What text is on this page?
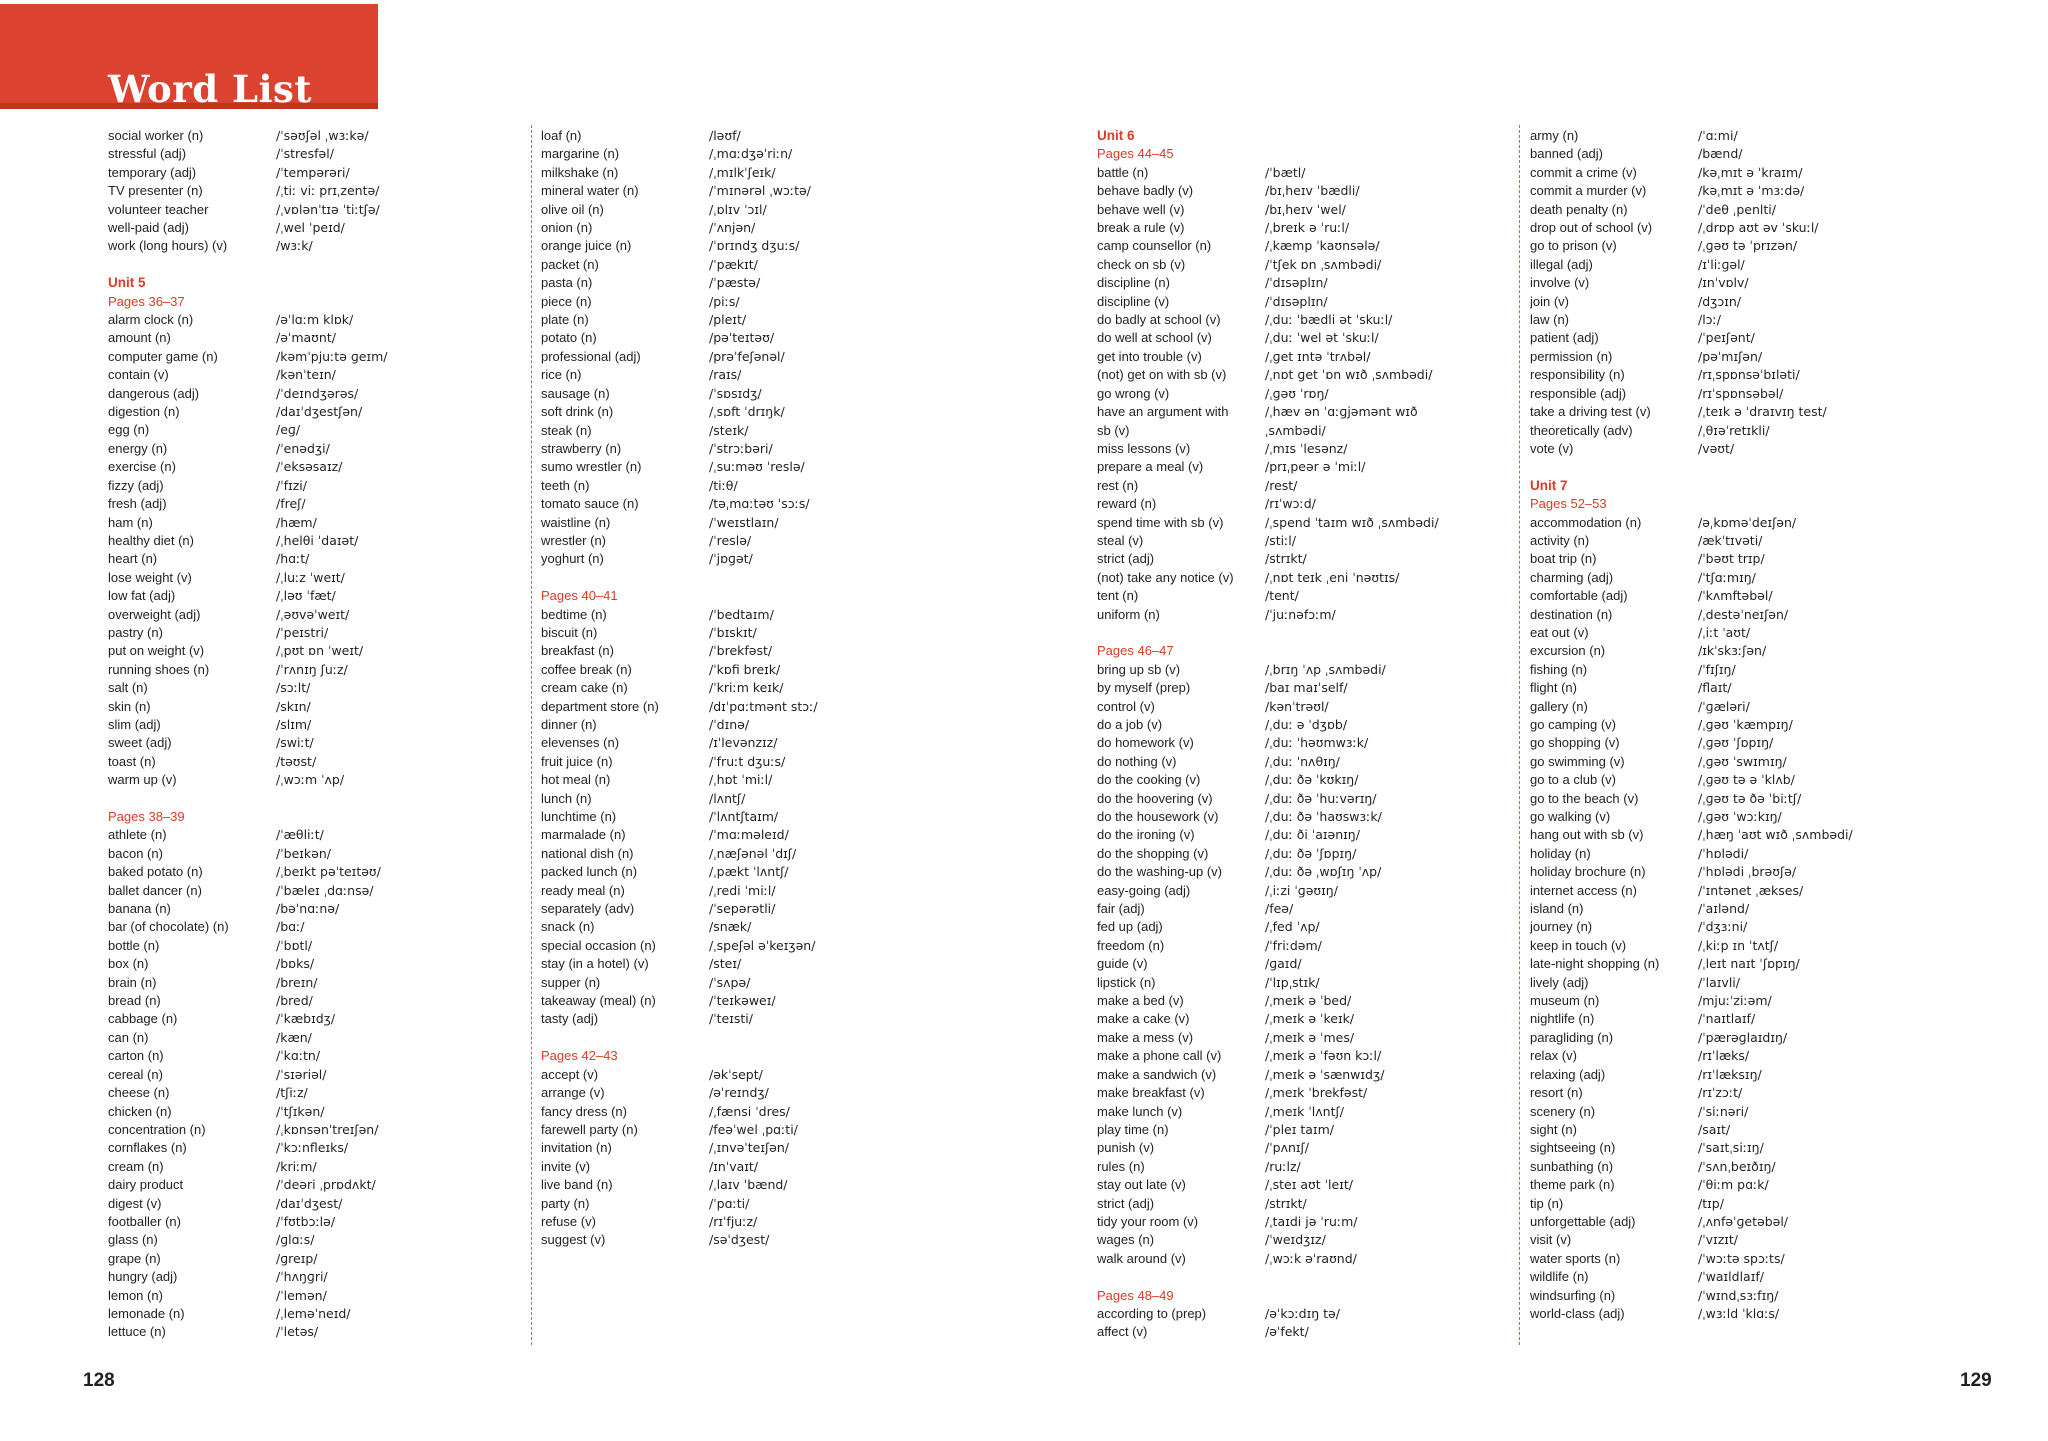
Word List
social worker (n)	/ˈsəʊʃəl ˌwɜːkə/
stressful (adj)	/ˈstresfəl/
temporary (adj)	/ˈtempərəri/
TV presenter (n)	/ˌtiː viː prɪˌzentə/
volunteer teacher	/ˌvɒlənˈtɪə ˈtiːtʃə/
well-paid (adj)	/ˌwel ˈpeɪd/
work (long hours) (v)	/wɜːk/
Unit 5
Pages 36–37
alarm clock (n)	/əˈlɑːm klɒk/
amount (n)	/əˈmaʊnt/
computer game (n)	/kəmˈpjuːtə ɡeɪm/
contain (v)	/kənˈteɪn/
dangerous (adj)	/ˈdeɪndʒərəs/
digestion (n)	/daɪˈdʒestʃən/
egg (n)	/eɡ/
energy (n)	/ˈenədʒi/
exercise (n)	/ˈeksəsaɪz/
fizzy (adj)	/ˈfɪzi/
fresh (adj)	/freʃ/
ham (n)	/hæm/
healthy diet (n)	/ˌhelθi ˈdaɪət/
heart (n)	/hɑːt/
lose weight (v)	/ˌluːz ˈweɪt/
low fat (adj)	/ˌləʊ ˈfæt/
overweight (adj)	/ˌəʊvəˈweɪt/
pastry (n)	/ˈpeɪstri/
put on weight (v)	/ˌpʊt ɒn ˈweɪt/
running shoes (n)	/ˈrʌnɪŋ ʃuːz/
salt (n)	/sɔːlt/
skin (n)	/skɪn/
slim (adj)	/slɪm/
sweet (adj)	/swiːt/
toast (n)	/təʊst/
warm up (v)	/ˌwɔːm ˈʌp/
Pages 38–39
athlete (n)	/ˈæθliːt/
bacon (n)	/ˈbeɪkən/
baked potato (n)	/ˌbeɪkt pəˈteɪtəʊ/
ballet dancer (n)	/ˈbæleɪ ˌdɑːnsə/
banana (n)	/bəˈnɑːnə/
bar (of chocolate) (n)	/bɑː/
bottle (n)	/ˈbɒtl/
box (n)	/bɒks/
brain (n)	/breɪn/
bread (n)	/bred/
cabbage (n)	/ˈkæbɪdʒ/
can (n)	/kæn/
carton (n)	/ˈkɑːtn/
cereal (n)	/ˈsɪəriəl/
cheese (n)	/tʃiːz/
chicken (n)	/ˈtʃɪkən/
concentration (n)	/ˌkɒnsənˈtreɪʃən/
cornflakes (n)	/ˈkɔːnfleɪks/
cream (n)	/kriːm/
dairy product	/ˈdeəri ˌprɒdʌkt/
digest (v)	/daɪˈdʒest/
footballer (n)	/ˈfʊtbɔːlə/
glass (n)	/ɡlɑːs/
grape (n)	/ɡreɪp/
hungry (adj)	/ˈhʌŋɡri/
lemon (n)	/ˈlemən/
lemonade (n)	/ˌleməˈneɪd/
lettuce (n)	/ˈletəs/
loaf (n)	/ləʊf/
margarine (n)	/ˌmɑːdʒəˈriːn/
milkshake (n)	/ˌmɪlkˈʃeɪk/
mineral water (n)	/ˈmɪnərəl ˌwɔːtə/
olive oil (n)	/ˌɒlɪv ˈɔɪl/
onion (n)	/ˈʌnjən/
orange juice (n)	/ˈɒrɪndʒ dʒuːs/
packet (n)	/ˈpækɪt/
pasta (n)	/ˈpæstə/
piece (n)	/piːs/
plate (n)	/pleɪt/
potato (n)	/pəˈteɪtəʊ/
professional (adj)	/prəˈfeʃənəl/
rice (n)	/raɪs/
sausage (n)	/ˈsɒsɪdʒ/
soft drink (n)	/ˌsɒft ˈdrɪŋk/
steak (n)	/steɪk/
strawberry (n)	/ˈstrɔːbəri/
sumo wrestler (n)	/ˌsuːməʊ ˈreslə/
teeth (n)	/tiːθ/
tomato sauce (n)	/təˌmɑːtəʊ ˈsɔːs/
waistline (n)	/ˈweɪstlaɪn/
wrestler (n)	/ˈreslə/
yoghurt (n)	/ˈjɒɡət/
Pages 40–41
bedtime (n)	/ˈbedtaɪm/
biscuit (n)	/ˈbɪskɪt/
breakfast (n)	/ˈbrekfəst/
coffee break (n)	/ˈkɒfi breɪk/
cream cake (n)	/ˈkriːm keɪk/
department store (n)	/dɪˈpɑːtmənt stɔː/
dinner (n)	/ˈdɪnə/
elevenses (n)	/ɪˈlevənzɪz/
fruit juice (n)	/ˈfruːt dʒuːs/
hot meal (n)	/ˌhɒt ˈmiːl/
lunch (n)	/lʌntʃ/
lunchtime (n)	/ˈlʌntʃtaɪm/
marmalade (n)	/ˈmɑːməleɪd/
national dish (n)	/ˌnæʃənəl ˈdɪʃ/
packed lunch (n)	/ˌpækt ˈlʌntʃ/
ready meal (n)	/ˌredi ˈmiːl/
separately (adv)	/ˈsepərətli/
snack (n)	/snæk/
special occasion (n)	/ˌspeʃəl əˈkeɪʒən/
stay (in a hotel) (v)	/steɪ/
supper (n)	/ˈsʌpə/
takeaway (meal) (n)	/ˈteɪkəweɪ/
tasty (adj)	/ˈteɪsti/
Pages 42–43
accept (v)	/əkˈsept/
arrange (v)	/əˈreɪndʒ/
fancy dress (n)	/ˌfænsi ˈdres/
farewell party (n)	/feəˈwel ˌpɑːti/
invitation (n)	/ˌɪnvəˈteɪʃən/
invite (v)	/ɪnˈvaɪt/
live band (n)	/ˌlaɪv ˈbænd/
party (n)	/ˈpɑːti/
refuse (v)	/rɪˈfjuːz/
suggest (v)	/səˈdʒest/
Unit 6
Pages 44–45
battle (n)	/ˈbætl/
behave badly (v)	/bɪˌheɪv ˈbædli/
behave well (v)	/bɪˌheɪv ˈwel/
break a rule (v)	/ˌbreɪk ə ˈruːl/
camp counsellor (n)	/ˌkæmp ˈkaʊnsələ/
check on sb (v)	/ˈtʃek ɒn ˌsʌmbədi/
discipline (n)	/ˈdɪsəplɪn/
discipline (v)	/ˈdɪsəplɪn/
do badly at school (v)	/ˌduː ˈbædli ət ˈskuːl/
do well at school (v)	/ˌduː ˈwel ət ˈskuːl/
get into trouble (v)	/ˌɡet ɪntə ˈtrʌbəl/
(not) get on with sb (v)	/ˌnɒt ɡet ˈɒn wɪð ˌsʌmbədi/
go wrong (v)	/ˌɡəʊ ˈrɒŋ/
have an argument with	/ˌhæv ən ˈɑːɡjəmənt wɪð
sb (v)	ˌsʌmbədi/
miss lessons (v)	/ˌmɪs ˈlesənz/
prepare a meal (v)	/prɪˌpeər ə ˈmiːl/
rest (n)	/rest/
reward (n)	/rɪˈwɔːd/
spend time with sb (v)	/ˌspend ˈtaɪm wɪð ˌsʌmbədi/
steal (v)	/stiːl/
strict (adj)	/strɪkt/
(not) take any notice (v)	/ˌnɒt teɪk ˌeni ˈnəʊtɪs/
tent (n)	/tent/
uniform (n)	/ˈjuːnəfɔːm/
Pages 46–47
bring up sb (v)	/ˌbrɪŋ ˈʌp ˌsʌmbədi/
by myself (prep)	/baɪ maɪˈself/
control (v)	/kənˈtrəʊl/
do a job (v)	/ˌduː ə ˈdʒɒb/
do homework (v)	/ˌduː ˈhəʊmwɜːk/
do nothing (v)	/ˌduː ˈnʌθɪŋ/
do the cooking (v)	/ˌduː ðə ˈkʊkɪŋ/
do the hoovering (v)	/ˌduː ðə ˈhuːvərɪŋ/
do the housework (v)	/ˌduː ðə ˈhaʊswɜːk/
do the ironing (v)	/ˌduː ði ˈaɪənɪŋ/
do the shopping (v)	/ˌduː ðə ˈʃɒpɪŋ/
do the washing-up (v)	/ˌduː ðə ˌwɒʃɪŋ ˈʌp/
easy-going (adj)	/ˌiːzi ˈɡəʊɪŋ/
fair (adj)	/feə/
fed up (adj)	/ˌfed ˈʌp/
freedom (n)	/ˈfriːdəm/
guide (v)	/ɡaɪd/
lipstick (n)	/ˈlɪpˌstɪk/
make a bed (v)	/ˌmeɪk ə ˈbed/
make a cake (v)	/ˌmeɪk ə ˈkeɪk/
make a mess (v)	/ˌmeɪk ə ˈmes/
make a phone call (v)	/ˌmeɪk ə ˈfəʊn kɔːl/
make a sandwich (v)	/ˌmeɪk ə ˈsænwɪdʒ/
make breakfast (v)	/ˌmeɪk ˈbrekfəst/
make lunch (v)	/ˌmeɪk ˈlʌntʃ/
play time (n)	/ˈpleɪ taɪm/
punish (v)	/ˈpʌnɪʃ/
rules (n)	/ruːlz/
stay out late (v)	/ˌsteɪ aʊt ˈleɪt/
strict (adj)	/strɪkt/
tidy your room (v)	/ˌtaɪdi jə ˈruːm/
wages (n)	/ˈweɪdʒɪz/
walk around (v)	/ˌwɔːk əˈraʊnd/
Pages 48–49
according to (prep)	/əˈkɔːdɪŋ tə/
affect (v)	/əˈfekt/
army (n)	/ˈɑːmi/
banned (adj)	/bænd/
commit a crime (v)	/kəˌmɪt ə ˈkraɪm/
commit a murder (v)	/kəˌmɪt ə ˈmɜːdə/
death penalty (n)	/ˈdeθ ˌpenlti/
drop out of school (v)	/ˌdrɒp aʊt əv ˈskuːl/
go to prison (v)	/ˌɡəʊ tə ˈprɪzən/
illegal (adj)	/ɪˈliːɡəl/
involve (v)	/ɪnˈvɒlv/
join (v)	/dʒɔɪn/
law (n)	/lɔː/
patient (adj)	/ˈpeɪʃənt/
permission (n)	/pəˈmɪʃən/
responsibility (n)	/rɪˌspɒnsəˈbɪləti/
responsible (adj)	/rɪˈspɒnsəbəl/
take a driving test (v)	/ˌteɪk ə ˈdraɪvɪŋ test/
theoretically (adv)	/ˌθɪəˈretɪkli/
vote (v)	/vəʊt/
Unit 7
Pages 52–53
accommodation (n)	/əˌkɒməˈdeɪʃən/
activity (n)	/ækˈtɪvəti/
boat trip (n)	/ˈbəʊt trɪp/
charming (adj)	/ˈtʃɑːmɪŋ/
comfortable (adj)	/ˈkʌmftəbəl/
destination (n)	/ˌdestəˈneɪʃən/
eat out (v)	/ˌiːt ˈaʊt/
excursion (n)	/ɪkˈskɜːʃən/
fishing (n)	/ˈfɪʃɪŋ/
flight (n)	/flaɪt/
gallery (n)	/ˈɡæləri/
go camping (v)	/ˌɡəʊ ˈkæmpɪŋ/
go shopping (v)	/ˌɡəʊ ˈʃɒpɪŋ/
go swimming (v)	/ˌɡəʊ ˈswɪmɪŋ/
go to a club (v)	/ˌɡəʊ tə ə ˈklʌb/
go to the beach (v)	/ˌɡəʊ tə ðə ˈbiːtʃ/
go walking (v)	/ˌɡəʊ ˈwɔːkɪŋ/
hang out with sb (v)	/ˌhæŋ ˈaʊt wɪð ˌsʌmbədi/
holiday (n)	/ˈhɒlədi/
holiday brochure (n)	/ˈhɒlədi ˌbrəʊʃə/
internet access (n)	/ˈɪntənet ˌækses/
island (n)	/ˈaɪlənd/
journey (n)	/ˈdʒɜːni/
keep in touch (v)	/ˌkiːp ɪn ˈtʌtʃ/
late-night shopping (n)	/ˌleɪt naɪt ˈʃɒpɪŋ/
lively (adj)	/ˈlaɪvli/
museum (n)	/mjuːˈziːəm/
nightlife (n)	/ˈnaɪtlaɪf/
paragliding (n)	/ˈpærəɡlaɪdɪŋ/
relax (v)	/rɪˈlæks/
relaxing (adj)	/rɪˈlæksɪŋ/
resort (n)	/rɪˈzɔːt/
scenery (n)	/ˈsiːnəri/
sight (n)	/saɪt/
sightseeing (n)	/ˈsaɪtˌsiːɪŋ/
sunbathing (n)	/ˈsʌnˌbeɪðɪŋ/
theme park (n)	/ˈθiːm pɑːk/
tip (n)	/tɪp/
unforgettable (adj)	/ˌʌnfəˈɡetəbəl/
visit (v)	/ˈvɪzɪt/
water sports (n)	/ˈwɔːtə spɔːts/
wildlife (n)	/ˈwaɪldlaɪf/
windsurfing (n)	/ˈwɪndˌsɜːfɪŋ/
world-class (adj)	/ˌwɜːld ˈklɑːs/
128	129
